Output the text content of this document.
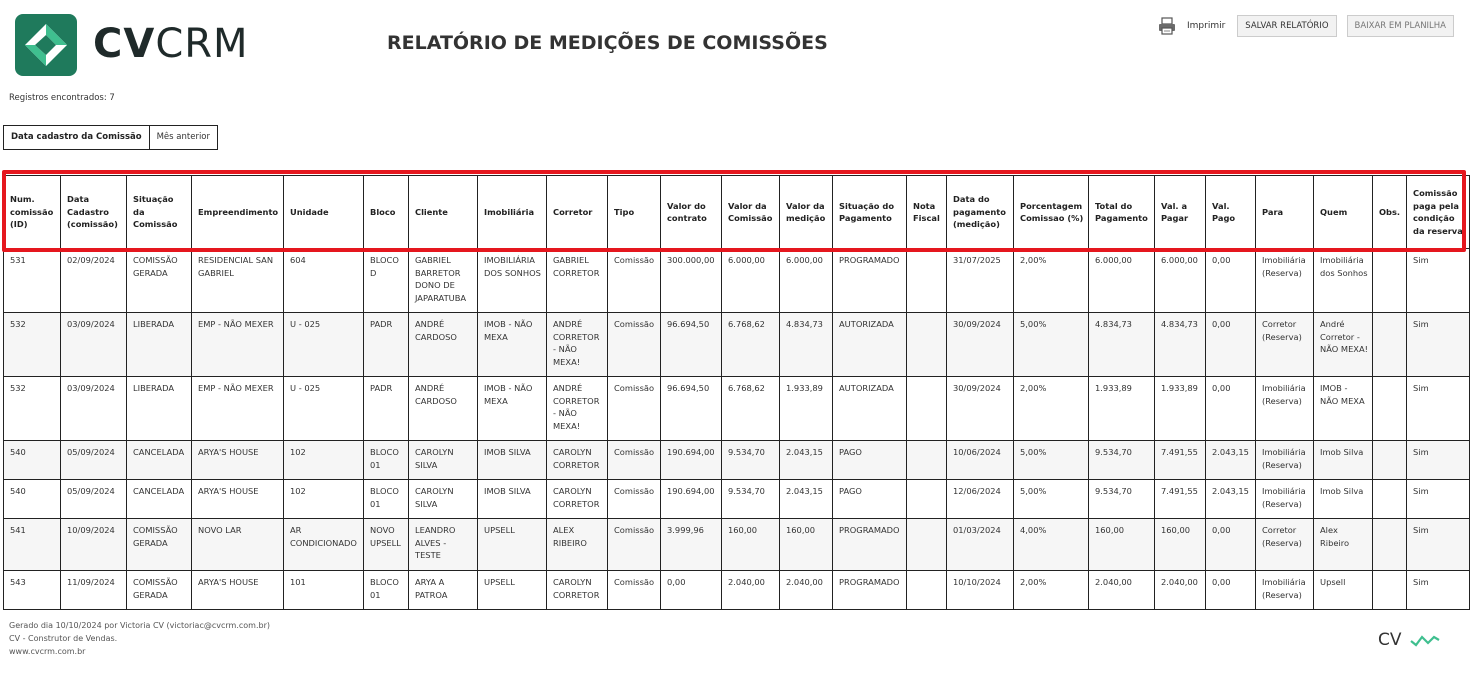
CVCRM	RELATÓRIO DE MEDIÇÕES DE COMISSÕES
Imprimir	SALVAR RELATÓRIO	BAIXAR EM PLANILHA
Registros encontrados: 7
Data cadastro da Comissão	Mês anterior
Num. comissão (ID)	Data Cadastro (comissão)	Situação da Comissão	Empreendimento	Unidade	Bloco	Cliente	Imobiliária	Corretor	Tipo	Valor do contrato	Valor da Comissão	Valor da medição	Situação do Pagamento	Nota Fiscal	Data do pagamento (medição)	Porcentagem Comissao (%)	Total do Pagamento	Val. a Pagar	Val. Pago	Para	Quem	Obs.	Comissão paga pela condição da reserva
531	02/09/2024	COMISSÃO GERADA	RESIDENCIAL SAN GABRIEL	604	BLOCO D	GABRIEL BARRETOR DONO DE JAPARATUBA	IMOBILIÁRIA DOS SONHOS	GABRIEL CORRETOR	Comissão	300.000,00	6.000,00	6.000,00	PROGRAMADO		31/07/2025	2,00%	6.000,00	6.000,00	0,00	Imobiliária (Reserva)	Imobiliária dos Sonhos		Sim
532	03/09/2024	LIBERADA	EMP - NÃO MEXER	U - 025	PADR	ANDRÉ CARDOSO	IMOB - NÃO MEXA	ANDRÉ CORRETOR - NÃO MEXA!	Comissão	96.694,50	6.768,62	4.834,73	AUTORIZADA		30/09/2024	5,00%	4.834,73	4.834,73	0,00	Corretor (Reserva)	André Corretor - NÃO MEXA!		Sim
532	03/09/2024	LIBERADA	EMP - NÃO MEXER	U - 025	PADR	ANDRÉ CARDOSO	IMOB - NÃO MEXA	ANDRÉ CORRETOR - NÃO MEXA!	Comissão	96.694,50	6.768,62	1.933,89	AUTORIZADA		30/09/2024	2,00%	1.933,89	1.933,89	0,00	Imobiliária (Reserva)	IMOB - NÃO MEXA		Sim
540	05/09/2024	CANCELADA	ARYA'S HOUSE	102	BLOCO 01	CAROLYN SILVA	IMOB SILVA	CAROLYN CORRETOR	Comissão	190.694,00	9.534,70	2.043,15	PAGO		10/06/2024	5,00%	9.534,70	7.491,55	2.043,15	Imobiliária (Reserva)	Imob Silva		Sim
540	05/09/2024	CANCELADA	ARYA'S HOUSE	102	BLOCO 01	CAROLYN SILVA	IMOB SILVA	CAROLYN CORRETOR	Comissão	190.694,00	9.534,70	2.043,15	PAGO		12/06/2024	5,00%	9.534,70	7.491,55	2.043,15	Imobiliária (Reserva)	Imob Silva		Sim
541	10/09/2024	COMISSÃO GERADA	NOVO LAR	AR CONDICIONADO	NOVO UPSELL	LEANDRO ALVES - TESTE	UPSELL	ALEX RIBEIRO	Comissão	3.999,96	160,00	160,00	PROGRAMADO		01/03/2024	4,00%	160,00	160,00	0,00	Corretor (Reserva)	Alex Ribeiro		Sim
543	11/09/2024	COMISSÃO GERADA	ARYA'S HOUSE	101	BLOCO 01	ARYA A PATROA	UPSELL	CAROLYN CORRETOR	Comissão	0,00	2.040,00	2.040,00	PROGRAMADO		10/10/2024	2,00%	2.040,00	2.040,00	0,00	Imobiliária (Reserva)	Upsell		Sim
Gerado dia 10/10/2024 por Victoria CV (victoriac@cvcrm.com.br)
CV - Construtor de Vendas.
www.cvcrm.com.br
CV
